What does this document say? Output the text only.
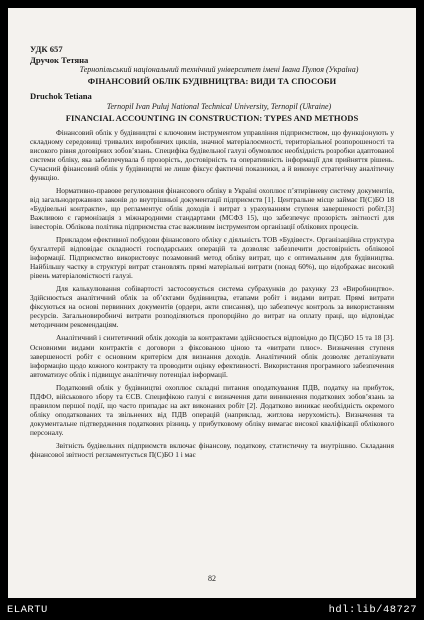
УДК 657
Дручок Тетяна
Тернопільський національний технічний університет імені Івана Пулюя (Україна)
ФІНАНСОВИЙ ОБЛІК БУДІВНИЦТВА: ВИДИ ТА СПОСОБИ
Druchok Tetiana
Ternopil Ivan Puluj National Technical University, Ternopil (Ukraine)
FINANCIAL ACCOUNTING IN CONSTRUCTION: TYPES AND METHODS

Фінансовий облік у будівництві є ключовим інструментом управління підприємством, що функціонують у складному середовищі тривалих виробничих циклів, значної матеріалоємності, територіальної розпорошеності та високого рівня договірних зобов’язань. Специфіка будівельної галузі обумовлює необхідність розробки адаптованої системи обліку, яка забезпечувала б прозорість, достовірність та оперативність інформації для прийняття рішень. Сучасний фінансовий облік у будівництві не лише фіксує фактичні показники, а й виконує стратегічну аналітичну функцію.

Нормативно-правове регулювання фінансового обліку в Україні охоплює п’ятирівневу систему документів, від загальнодержавних законів до внутрішньої документації підприємств [1]. Центральне місце займає П(С)БО 18 «Будівельні контракти», що регламентує облік доходів і витрат з урахуванням ступеня завершеності робіт.[3] Важливою є гармонізація з міжнародними стандартами (МСФЗ 15), що забезпечує прозорість звітності для інвесторів. Облікова політика підприємства стає важливим інструментом організації облікових процесів.

Прикладом ефективної побудови фінансового обліку є діяльність ТОВ «Будівест». Організаційна структура бухгалтерії відповідає складності господарських операцій та дозволяє забезпечити достовірність облікової інформації. Підприємство використовує позамовний метод обліку витрат, що є оптимальним для будівництва. Найбільшу частку в структурі витрат становлять прямі матеріальні витрати (понад 60%), що відображає високий рівень матеріаломісткості галузі.

Для калькулювання собівартості застосовується система субрахунків до рахунку 23 «Виробництво». Здійснюється аналітичний облік за об’єктами будівництва, етапами робіт і видами витрат. Прямі витрати фіксуються на основі первинних документів (ордери, акти списання), що забезпечує контроль за використанням ресурсів. Загальновиробничі витрати розподіляються пропорційно до витрат на оплату праці, що відповідає методичним рекомендаціям.

Аналітичний і синтетичний облік доходів за контрактами здійснюється відповідно до П(С)БО 15 та 18 [3]. Основними видами контрактів є договори з фіксованою ціною та «витрати плюс». Визначення ступеня завершеності робіт є основним критерієм для визнання доходів. Аналітичний облік дозволяє деталізувати інформацію щодо кожного контракту та проводити оцінку ефективності. Використання програмного забезпечення автоматизує облік і підвищує аналітичну потенціал інформації.

Податковий облік у будівництві охоплює складні питання оподаткування ПДВ, податку на прибуток, ПДФО, військового збору та ЄСВ. Специфікою галузі є визначення дати виникнення податкових зобов’язань за правилом першої події, що часто припадає на акт виконаних робіт [2]. Додатково виникає необхідність окремого обліку оподаткованих та звільнених від ПДВ операцій (наприклад, житлова нерухомість). Визначення та документальне підтвердження податкових різниць у прибутковому обліку вимагає високої кваліфікації облікового персоналу.

Звітність будівельних підприємств включає фінансову, податкову, статистичну та внутрішню. Складання фінансової звітності регламентується П(С)БО 1 і має

82
ELARTU	hdl:lib/48727
